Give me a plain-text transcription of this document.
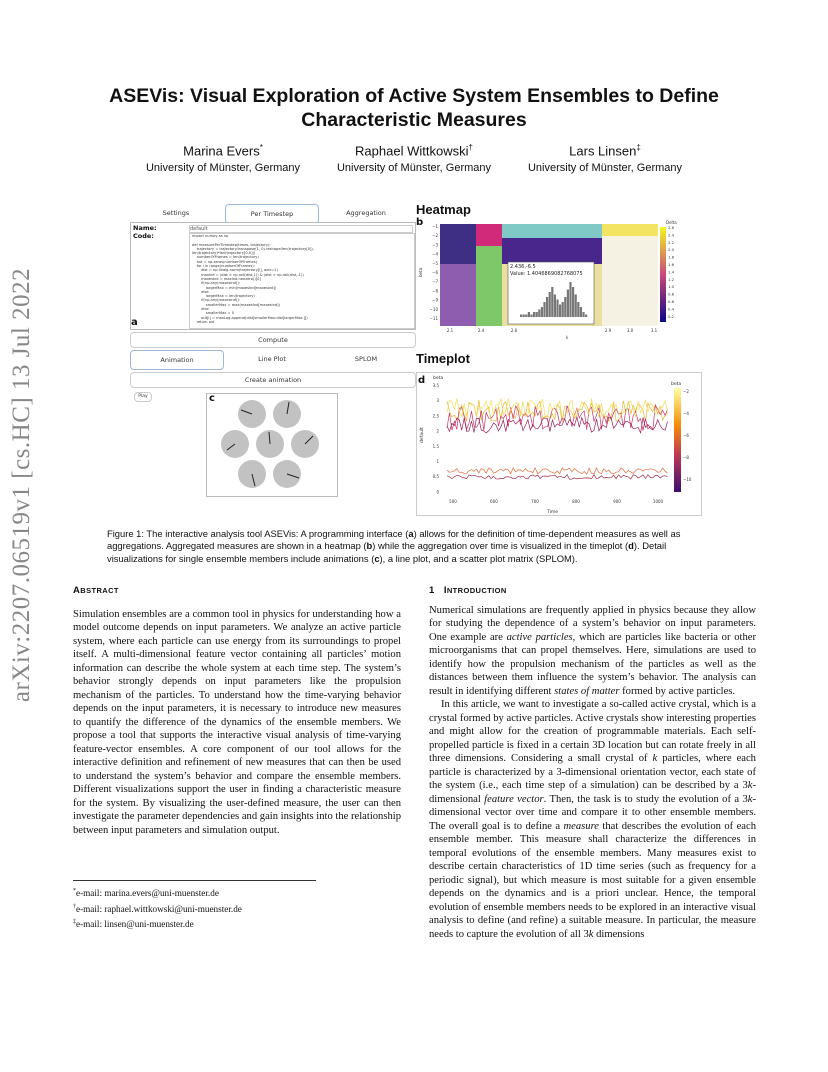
arXiv:2207.06519v1 [cs.HC] 13 Jul 2022
ASEVis: Visual Exploration of Active System Ensembles to Define Characteristic Measures
Marina Evers*
University of Münster, Germany
Raphael Wittkowski†
University of Münster, Germany
Lars Linsen‡
University of Münster, Germany
Settings	Per Timestep	Aggregation
Name:	default
Code:	import numpy as np

def measurePerTimestep(times, trajectory):
trajectory = trajectory.transpose(1, 0).reshape(len(trajectory[0]),
len(trajectory)*len(trajectory[0,0]))
numberOfFrames = len(trajectory)
out = np.zeros(numberOfFrames)
for i in range(numberOfFrames):
dist = np.linalg.norm(trajectory[i], axis=1)
maxInd = (dist > np.roll(dist,1)) & (dist > np.roll(dist,-1))
maxesInd = maxInd.nonzero()[0]
if(np.any(maxesInd)):
largerMax = min(maxesInd[maxesInd])
else:
largerMax = len(trajectory)
if(np.any(maxesInd)):
smallerMax = max(maxesInd[maxesInd])
else:
smallerMax = 0
out[i] = maxLog.append(dist[smallerMax:dist[largerMax:]])
return out
a
Compute
Animation	Line Plot	SPLOM
Create animation
Play	c
Heatmap
b
2.436,-6.5
Value: 1.4046869082768075
k
beta
Delta
2.1	2.4	2.6	2.9	3.0	3.1
−1
−2
−3
−4
−5
−6
−7
−8
−9
−10
−11
2.6
2.4
2.2
2.0
1.8
1.6
1.4
1.2
1.0
0.8
0.6
0.4
0.2
Timeplot
d beta
beta
Time
default
500	600	700	800	900	1000
3.5
3
2.5
2
1.5
1
0.5
0
−2
−4
−6
−8
−10
Figure 1: The interactive analysis tool ASEVis: A programming interface (a) allows for the definition of time-dependent measures as well as aggregations. Aggregated measures are shown in a heatmap (b) while the aggregation over time is visualized in the timeplot (d). Detail visualizations for single ensemble members include animations (c), a line plot, and a scatter plot matrix (SPLOM).
ABSTRACT
Simulation ensembles are a common tool in physics for understanding how a model outcome depends on input parameters. We analyze an active particle system, where each particle can use energy from its surroundings to propel itself. A multi-dimensional feature vector containing all particles’ motion information can describe the whole system at each time step. The system’s behavior strongly depends on input parameters like the propulsion mechanism of the particles. To understand how the time-varying behavior depends on the input parameters, it is necessary to introduce new measures to quantify the difference of the dynamics of the ensemble members. We propose a tool that supports the interactive visual analysis of time-varying feature-vector ensembles. A core component of our tool allows for the interactive definition and refinement of new measures that can then be used to understand the system’s behavior and compare the ensemble members. Different visualizations support the user in finding a characteristic measure for the system. By visualizing the user-defined measure, the user can then investigate the parameter dependencies and gain insights into the relationship between input parameters and simulation output.
*e-mail: marina.evers@uni-muenster.de
†e-mail: raphael.wittkowski@uni-muenster.de
‡e-mail: linsen@uni-muenster.de
1 INTRODUCTION
Numerical simulations are frequently applied in physics because they allow for studying the dependence of a system’s behavior on input parameters. One example are active particles, which are particles like bacteria or other microorganisms that can propel themselves. Here, simulations are used to identify how the propulsion mechanism of the particles as well as the distances between them influence the system’s behavior. The analysis can result in identifying different states of matter formed by active particles.
In this article, we want to investigate a so-called active crystal, which is a crystal formed by active particles. Active crystals show interesting properties and might allow for the creation of programmable materials. Each self-propelled particle is fixed in a certain 3D location but can rotate freely in all three dimensions. Considering a small crystal of k particles, where each particle is characterized by a 3-dimensional orientation vector, each state of the system (i.e., each time step of a simulation) can be described by a 3k-dimensional feature vector. Then, the task is to study the evolution of a 3k-dimensional vector over time and compare it to other ensemble members. The overall goal is to define a measure that describes the evolution of each ensemble member. This measure shall characterize the differences in temporal evolutions of the ensemble members. Many measures exist to describe certain characteristics of 1D time series (such as frequency for a periodic signal), but which measure is most suitable for a given ensemble depends on the dynamics and is a priori unclear. Hence, the temporal evolution of ensemble members needs to be explored in an interactive visual analysis to define (and refine) a suitable measure. In particular, the measure needs to capture the evolution of all 3k dimensions
